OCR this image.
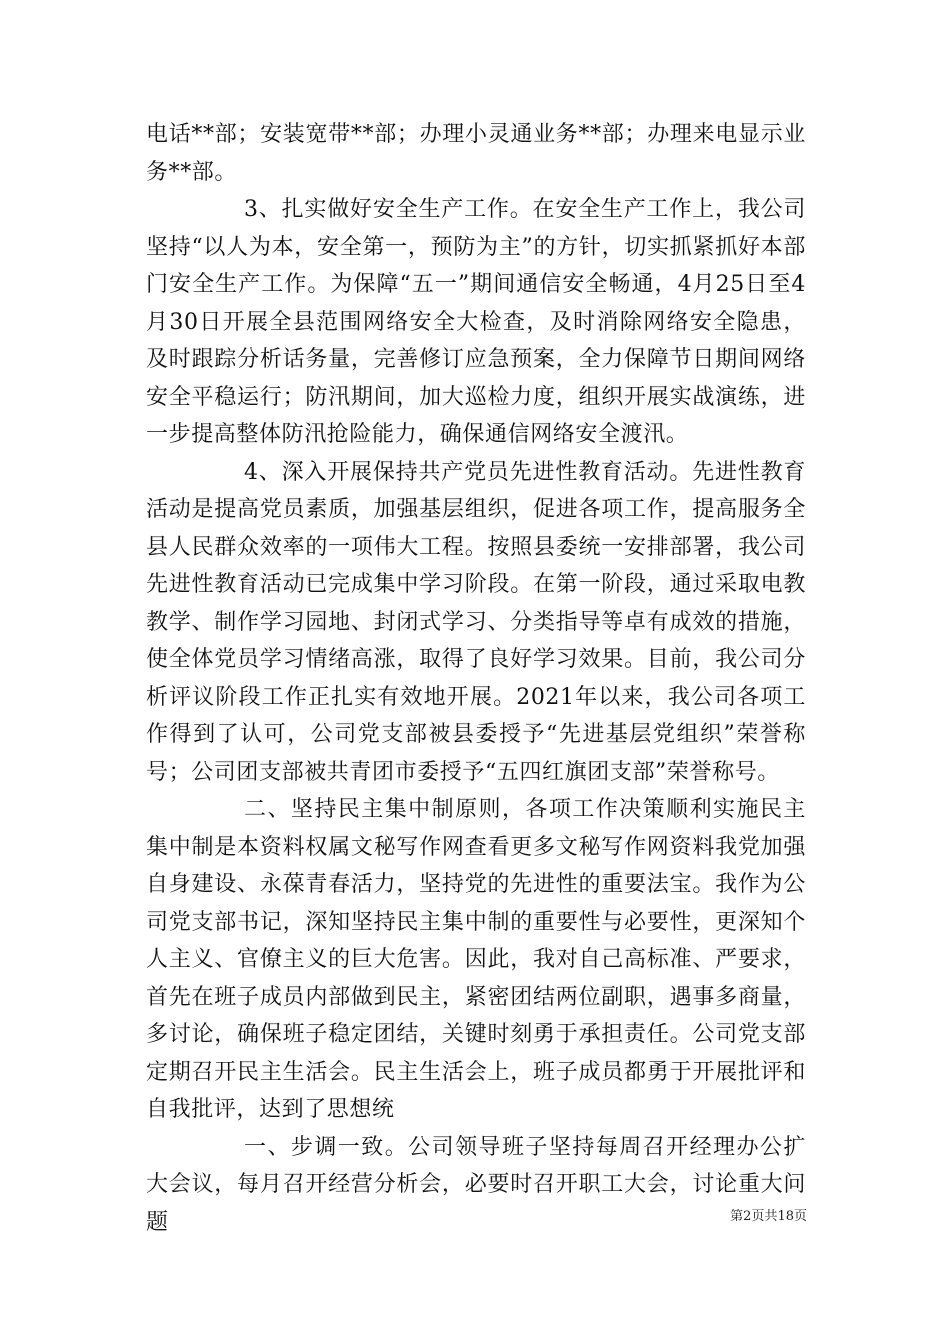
电话**部；安装宽带**部；办理小灵通业务**部；办理来电显示业务**部。

3、扎实做好安全生产工作。在安全生产工作上，我公司坚持“以人为本，安全第一，预防为主”的方针，切实抓紧抓好本部门安全生产工作。为保障“五一”期间通信安全畅通，4月25日至4月30日开展全县范围网络安全大检查，及时消除网络安全隐患，及时跟踪分析话务量，完善修订应急预案，全力保障节日期间网络安全平稳运行；防汛期间，加大巡检力度，组织开展实战演练，进一步提高整体防汛抢险能力，确保通信网络安全渡汛。

4、深入开展保持共产党员先进性教育活动。先进性教育活动是提高党员素质，加强基层组织，促进各项工作，提高服务全县人民群众效率的一项伟大工程。按照县委统一安排部署，我公司先进性教育活动已完成集中学习阶段。在第一阶段，通过采取电教教学、制作学习园地、封闭式学习、分类指导等卓有成效的措施，使全体党员学习情绪高涨，取得了良好学习效果。目前，我公司分析评议阶段工作正扎实有效地开展。2021年以来，我公司各项工作得到了认可，公司党支部被县委授予“先进基层党组织”荣誉称号；公司团支部被共青团市委授予“五四红旗团支部”荣誉称号。

二、坚持民主集中制原则，各项工作决策顺利实施民主集中制是本资料权属文秘写作网查看更多文秘写作网资料我党加强自身建设、永葆青春活力，坚持党的先进性的重要法宝。我作为公司党支部书记，深知坚持民主集中制的重要性与必要性，更深知个人主义、官僚主义的巨大危害。因此，我对自己高标准、严要求，首先在班子成员内部做到民主，紧密团结两位副职，遇事多商量，多讨论，确保班子稳定团结，关键时刻勇于承担责任。公司党支部定期召开民主生活会。民主生活会上，班子成员都勇于开展批评和自我批评，达到了思想统

一、步调一致。公司领导班子坚持每周召开经理办公扩大会议，每月召开经营分析会，必要时召开职工大会，讨论重大问题	第2页共18页
